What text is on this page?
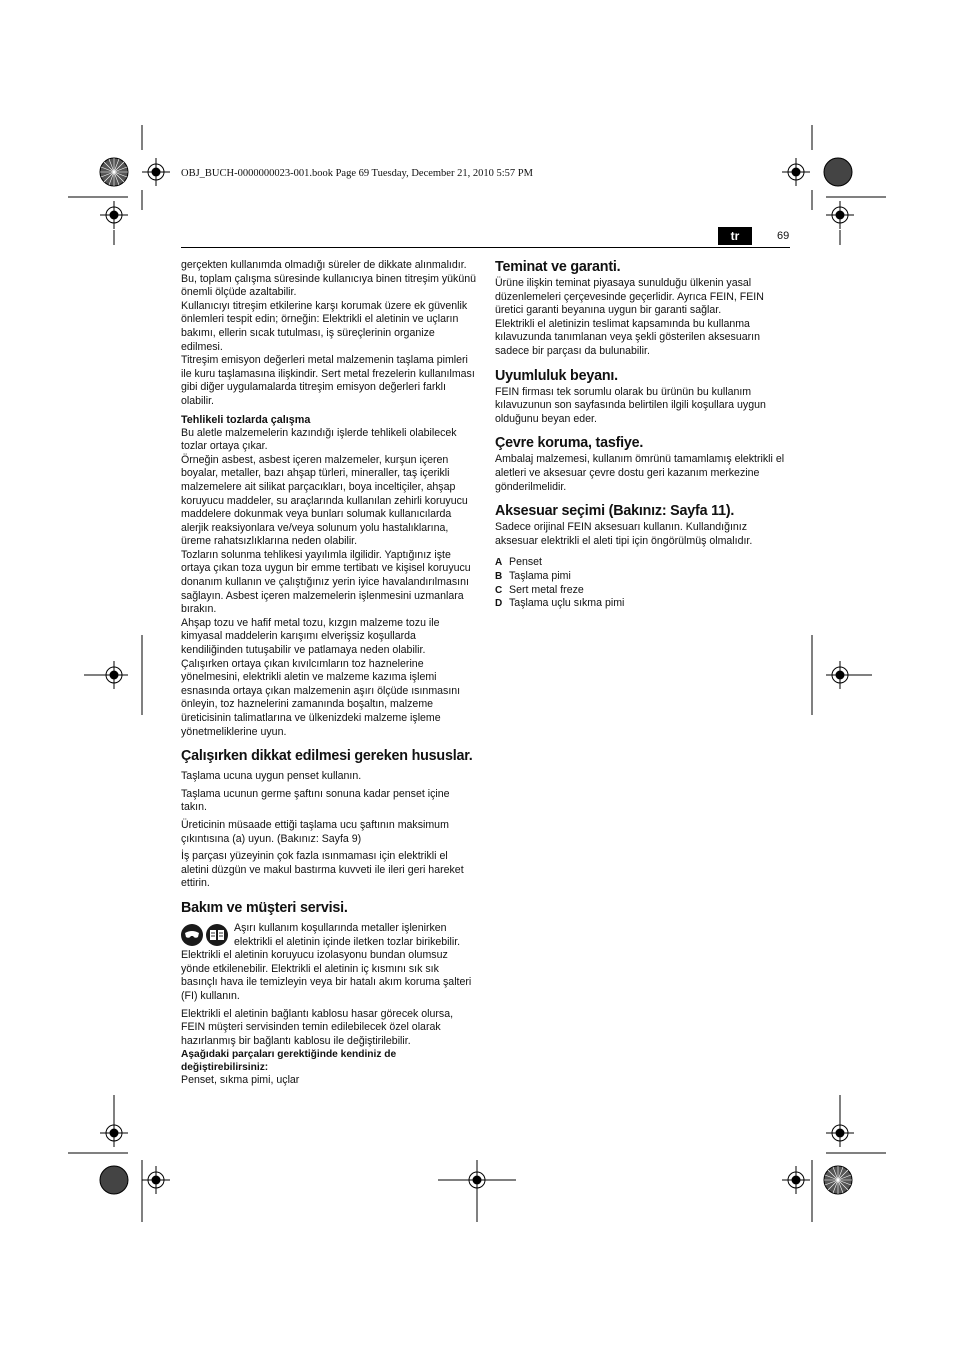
OBJ_BUCH-0000000023-001.book Page 69 Tuesday, December 21, 2010 5:57 PM
tr	69

gerçekten kullanımda olmadığı süreler de dikkate alınmalıdır. Bu, toplam çalışma süresinde kullanıcıya binen titreşim yükünü önemli ölçüde azaltabilir.

Kullanıcıyı titreşim etkilerine karşı korumak üzere ek güvenlik önlemleri tespit edin; örneğin: Elektrikli el aletinin ve uçların bakımı, ellerin sıcak tutulması, iş süreçlerinin organize edilmesi.

Titreşim emisyon değerleri metal malzemenin taşlama pimleri ile kuru taşlamasına ilişkindir. Sert metal frezelerin kullanılması gibi diğer uygulamalarda titreşim emisyon değerleri farklı olabilir.

Tehlikeli tozlarda çalışma

Bu aletle malzemelerin kazındığı işlerde tehlikeli olabilecek tozlar ortaya çıkar.

Örneğin asbest, asbest içeren malzemeler, kurşun içeren boyalar, metaller, bazı ahşap türleri, mineraller, taş içerikli malzemelere ait silikat parçacıkları, boya inceltiçiler, ahşap koruyucu maddeler, su araçlarında kullanılan zehirli koruyucu maddelere dokunmak veya bunları solumak kullanıcılarda alerjik reaksiyonlara ve/veya solunum yolu hastalıklarına, üreme rahatsızlıklarına neden olabilir.

Tozların solunma tehlikesi yayılımla ilgilidir. Yaptığınız işte ortaya çıkan toza uygun bir emme tertibatı ve kişisel koruyucu donanım kullanın ve çalıştığınız yerin iyice havalandırılmasını sağlayın. Asbest içeren malzemelerin işlenmesini uzmanlara bırakın.

Ahşap tozu ve hafif metal tozu, kızgın malzeme tozu ile kimyasal maddelerin karışımı elverişsiz koşullarda kendiliğinden tutuşabilir ve patlamaya neden olabilir.

Çalışırken ortaya çıkan kıvılcımların toz haznelerine yönelmesini, elektrikli aletin ve malzeme kazıma işlemi esnasında ortaya çıkan malzemenin aşırı ölçüde ısınmasını önleyin, toz haznelerini zamanında boşaltın, malzeme üreticisinin talimatlarına ve ülkenizdeki malzeme işleme yönetmeliklerine uyun.

Çalışırken dikkat edilmesi gereken hususlar.

Taşlama ucuna uygun penset kullanın.

Taşlama ucunun germe şaftını sonuna kadar penset içine takın.

Üreticinin müsaade ettiği taşlama ucu şaftının maksimum çıkıntısına (a) uyun. (Bakınız: Sayfa 9)

İş parçası yüzeyinin çok fazla ısınmaması için elektrikli el aletini düzgün ve makul bastırma kuvveti ile ileri geri hareket ettirin.

Bakım ve müşteri servisi.

Aşırı kullanım koşullarında metaller işlenirken elektrikli el aletinin içinde iletken tozlar birikebilir. Elektrikli el aletinin koruyucu izolasyonu bundan olumsuz yönde etkilenebilir. Elektrikli el aletinin iç kısmını sık sık basınçlı hava ile temizleyin veya bir hatalı akım koruma şalteri (FI) kullanın.

Elektrikli el aletinin bağlantı kablosu hasar görecek olursa, FEIN müşteri servisinden temin edilebilecek özel olarak hazırlanmış bir bağlantı kablosu ile değiştirilebilir.

Aşağıdaki parçaları gerektiğinde kendiniz de değiştirebilirsiniz:

Penset, sıkma pimi, uçlar

Teminat ve garanti.

Ürüne ilişkin teminat piyasaya sunulduğu ülkenin yasal düzenlemeleri çerçevesinde geçerlidir. Ayrıca FEIN, FEIN üretici garanti beyanına uygun bir garanti sağlar.

Elektrikli el aletinizin teslimat kapsamında bu kullanma kılavuzunda tanımlanan veya şekli gösterilen aksesuarın sadece bir parçası da bulunabilir.

Uyumluluk beyanı.

FEIN firması tek sorumlu olarak bu ürünün bu kullanım kılavuzunun son sayfasında belirtilen ilgili koşullara uygun olduğunu beyan eder.

Çevre koruma, tasfiye.

Ambalaj malzemesi, kullanım ömrünü tamamlamış elektrikli el aletleri ve aksesuar çevre dostu geri kazanım merkezine gönderilmelidir.

Aksesuar seçimi (Bakınız: Sayfa 11).

Sadece orijinal FEIN aksesuarı kullanın. Kullandığınız aksesuar elektrikli el aleti tipi için öngörülmüş olmalıdır.

A Penset
B Taşlama pimi
C Sert metal freze
D Taşlama uçlu sıkma pimi
